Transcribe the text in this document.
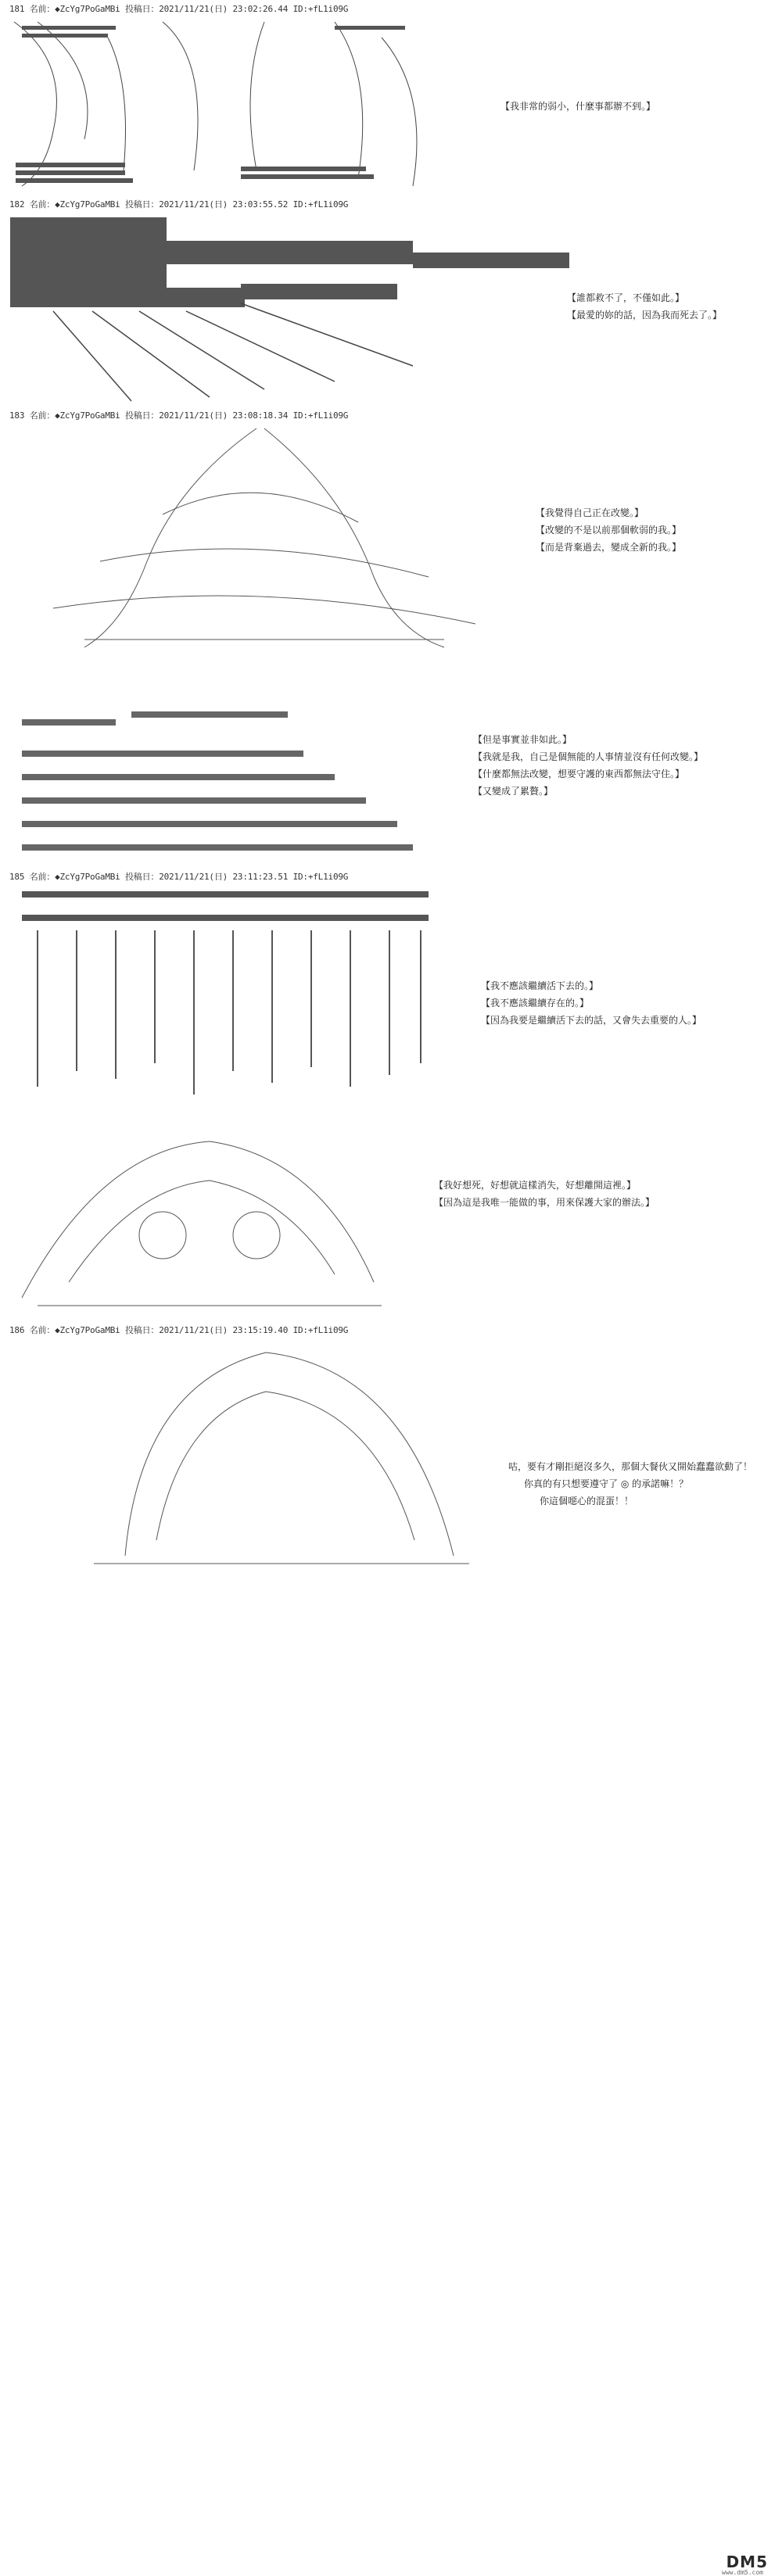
181 名前：◆ZcYg7PoGaMBi 投稿日：2021/11/21(日) 23:02:26.44 ID:+fL1i09G
【我非常的弱小，什麼事都辦不到。】
182 名前：◆ZcYg7PoGaMBi 投稿日：2021/11/21(日) 23:03:55.52 ID:+fL1i09G
【誰都救不了，不僅如此。】
【最愛的妳的話，因為我而死去了。】
183 名前：◆ZcYg7PoGaMBi 投稿日：2021/11/21(日) 23:08:18.34 ID:+fL1i09G
【我覺得自己正在改變。】
【改變的不是以前那個軟弱的我。】
【而是背棄過去，變成全新的我。】
【但是事實並非如此。】
【我就是我，自己是個無能的人事情並沒有任何改變。】
【什麼都無法改變，想要守護的東西都無法守住。】
【又變成了累贅。】
185 名前：◆ZcYg7PoGaMBi 投稿日：2021/11/21(日) 23:11:23.51 ID:+fL1i09G
【我不應該繼續活下去的。】
【我不應該繼續存在的。】
【因為我要是繼續活下去的話，又會失去重要的人。】
【我好想死，好想就這樣消失，好想離開這裡。】
【因為這是我唯一能做的事，用來保護大家的辦法。】
186 名前：◆ZcYg7PoGaMBi 投稿日：2021/11/21(日) 23:15:19.40 ID:+fL1i09G
咕，要有才剛拒絕沒多久，那個大餐伙又開始蠢蠢欲動了！
你真的有只想要遵守了 ◎ 的承諾嘛！？
你這個噁心的混蛋！！
DM5
www.dm5.com
